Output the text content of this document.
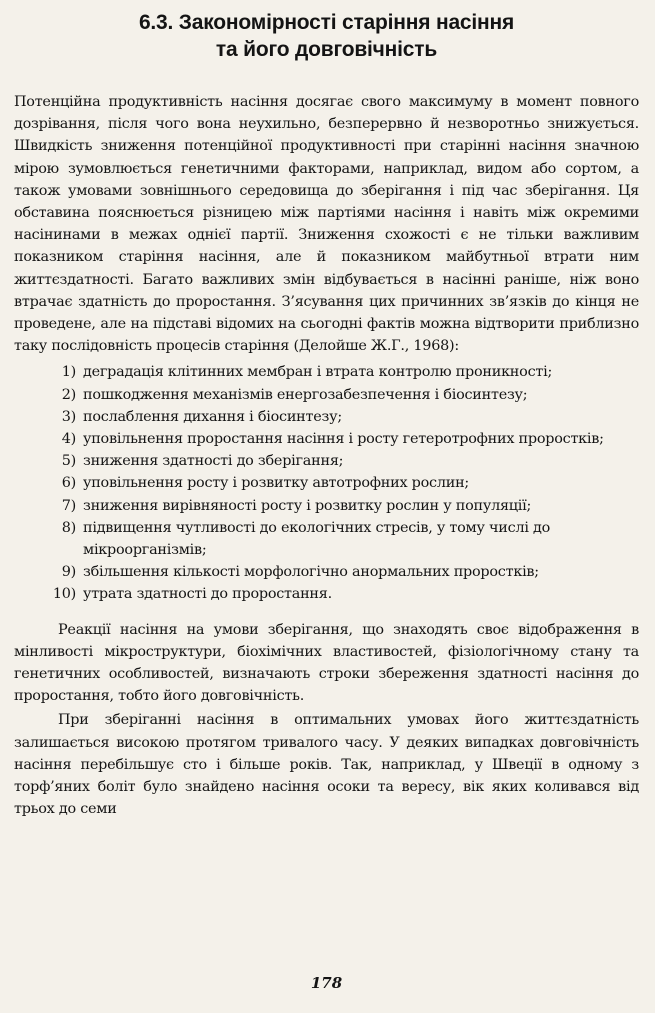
6.3. Закономірності старіння насіння
та його довговічність

Потенційна продуктивність насіння досягає свого максимуму в момент повного дозрівання, після чого вона неухильно, безперервно й незворотньо знижується. Швидкість зниження потенційної продуктивності при старінні насіння значною мірою зумовлюється генетичними факторами, наприклад, видом або сортом, а також умовами зовнішнього середовища до зберігання і під час зберігання. Ця обставина пояснюється різницею між партіями насіння і навіть між окремими насінинами в межах однієї партії. Зниження схожості є не тільки важливим показником старіння насіння, але й показником майбутньої втрати ним життєздатності. Багато важливих змін відбувається в насінні раніше, ніж воно втрачає здатність до проростання. З’ясування цих причинних зв’язків до кінця не проведене, але на підставі відомих на сьогодні фактів можна відтворити приблизно таку послідовність процесів старіння (Делойше Ж.Г., 1968):

1) деградація клітинних мембран і втрата контролю проникності;
2) пошкодження механізмів енергозабезпечення і біосинтезу;
3) послаблення дихання і біосинтезу;
4) уповільнення проростання насіння і росту гетеротрофних проростків;
5) зниження здатності до зберігання;
6) уповільнення росту і розвитку автотрофних рослин;
7) зниження вирівняності росту і розвитку рослин у популяції;
8) підвищення чутливості до екологічних стресів, у тому числі до мікроорганізмів;
9) збільшення кількості морфологічно анормальних проростків;
10) утрата здатності до проростання.

Реакції насіння на умови зберігання, що знаходять своє відображення в мінливості мікроструктури, біохімічних властивостей, фізіологічному стану та генетичних особливостей, визначають строки збереження здатності насіння до проростання, тобто його довговічність.

При зберіганні насіння в оптимальних умовах його життєздатність залишається високою протягом тривалого часу. У деяких випадках довговічність насіння перебільшує сто і більше років. Так, наприклад, у Швеції в одному з торф’яних боліт було знайдено насіння осоки та вересу, вік яких коливався від трьох до семи

178
